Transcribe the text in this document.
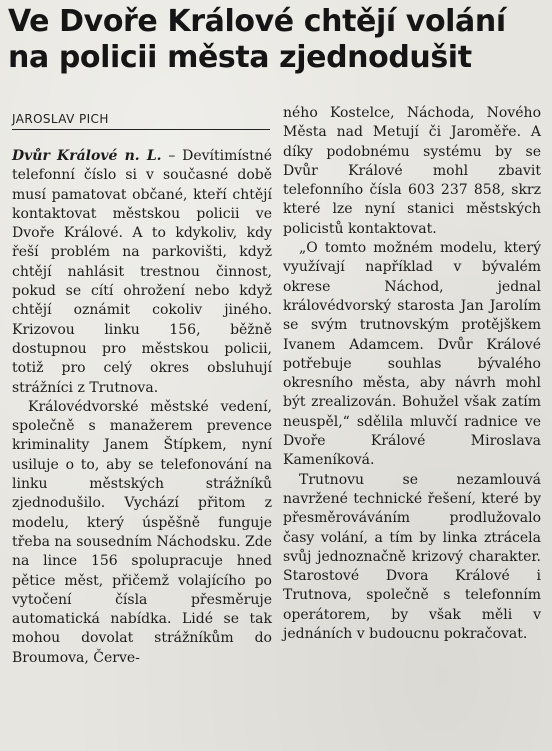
Ve Dvoře Králové chtějí volání na policii města zjednodušit
JAROSLAV PICH

Dvůr Králové n. L. – Devítimístné telefonní číslo si v současné době musí pamatovat občané, kteří chtějí kontaktovat městskou policii ve Dvoře Králové. A to kdykoliv, kdy řeší problém na parkovišti, když chtějí nahlásit trestnou činnost, pokud se cítí ohrožení nebo když chtějí oznámit cokoliv jiného. Krizovou linku 156, běžně dostupnou pro městskou policii, totiž pro celý okres obsluhují strážníci z Trutnova.

Královédvorské městské vedení, společně s manažerem prevence kriminality Janem Štípkem, nyní usiluje o to, aby se telefonování na linku městských strážníků zjednodušilo. Vychází přitom z modelu, který úspěšně funguje třeba na sousedním Náchodsku. Zde na lince 156 spolupracuje hned pětice měst, přičemž volajícího po vytočení čísla přesměruje automatická nabídka. Lidé se tak mohou dovolat strážníkům do Broumova, Červe-

ného Kostelce, Náchoda, Nového Města nad Metují či Jaroměře. A díky podobnému systému by se Dvůr Králové mohl zbavit telefonního čísla 603 237 858, skrz které lze nyní stanici městských policistů kontaktovat.

„O tomto možném modelu, který využívají například v bývalém okrese Náchod, jednal královédvorský starosta Jan Jarolím se svým trutnovským protějškem Ivanem Adamcem. Dvůr Králové potřebuje souhlas bývalého okresního města, aby návrh mohl být zrealizován. Bohužel však zatím neuspěl,“ sdělila mluvčí radnice ve Dvoře Králové Miroslava Kameníková.

Trutnovu se nezamlouvá navržené technické řešení, které by přesměrováváním prodlužovalo časy volání, a tím by linka ztrácela svůj jednoznačně krizový charakter. Starostové Dvora Králové i Trutnova, společně s telefonním operátorem, by však měli v jednáních v budoucnu pokračovat.
